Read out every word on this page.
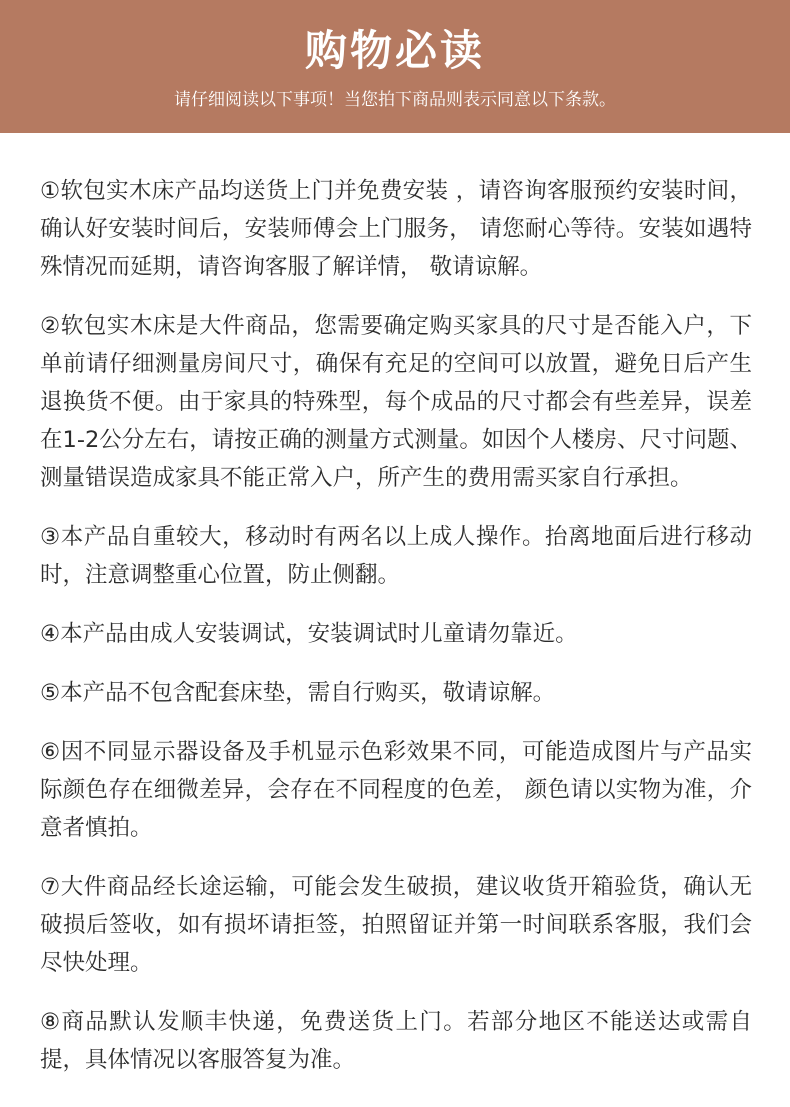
购物必读
请仔细阅读以下事项！当您拍下商品则表示同意以下条款。

①软包实木床产品均送货上门并免费安装 ，请咨询客服预约安装时间，确认好安装时间后，安装师傅会上门服务， 请您耐心等待。安装如遇特殊情况而延期，请咨询客服了解详情， 敬请谅解。

②软包实木床是大件商品，您需要确定购买家具的尺寸是否能入户，下单前请仔细测量房间尺寸，确保有充足的空间可以放置，避免日后产生退换货不便。由于家具的特殊型，每个成品的尺寸都会有些差异，误差在1-2公分左右，请按正确的测量方式测量。如因个人楼房、尺寸问题、测量错误造成家具不能正常入户，所产生的费用需买家自行承担。

③本产品自重较大，移动时有两名以上成人操作。抬离地面后进行移动时，注意调整重心位置，防止侧翻。

④本产品由成人安装调试，安装调试时儿童请勿靠近。

⑤本产品不包含配套床垫，需自行购买，敬请谅解。

⑥因不同显示器设备及手机显示色彩效果不同，可能造成图片与产品实际颜色存在细微差异，会存在不同程度的色差， 颜色请以实物为准，介意者慎拍。

⑦大件商品经长途运输，可能会发生破损，建议收货开箱验货，确认无破损后签收，如有损坏请拒签，拍照留证并第一时间联系客服，我们会尽快处理。

⑧商品默认发顺丰快递，免费送货上门。若部分地区不能送达或需自提，具体情况以客服答复为准。
